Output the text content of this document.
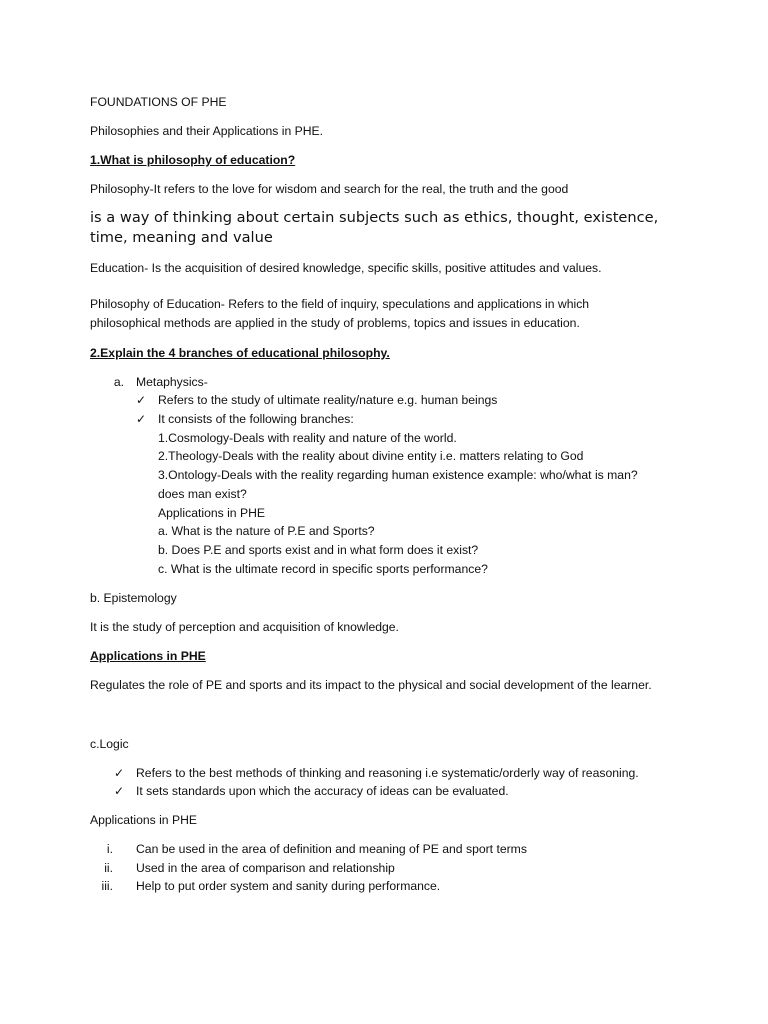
FOUNDATIONS OF PHE
Philosophies and their Applications in PHE.
1.What is philosophy of education?
Philosophy-It refers to the love for wisdom and search for the real, the truth and the good
is a way of thinking about certain subjects such as ethics, thought, existence,
time, meaning and value
Education- Is the acquisition of desired knowledge, specific skills, positive attitudes and values.
Philosophy of Education- Refers to the field of inquiry, speculations and applications in which
philosophical methods are applied in the study of problems, topics and issues in education.
2.Explain the 4 branches of educational philosophy.
a. Metaphysics-
✓ Refers to the study of ultimate reality/nature e.g. human beings
✓ It consists of the following branches:
1.Cosmology-Deals with reality and nature of the world.
2.Theology-Deals with the reality about divine entity i.e. matters relating to God
3.Ontology-Deals with the reality regarding human existence example: who/what is man?
does man exist?
Applications in PHE
a. What is the nature of P.E and Sports?
b. Does P.E and sports exist and in what form does it exist?
c. What is the ultimate record in specific sports performance?
b. Epistemology
It is the study of perception and acquisition of knowledge.
Applications in PHE
Regulates the role of PE and sports and its impact to the physical and social development of the learner.
c.Logic
✓ Refers to the best methods of thinking and reasoning i.e systematic/orderly way of reasoning.
✓ It sets standards upon which the accuracy of ideas can be evaluated.
Applications in PHE
i. Can be used in the area of definition and meaning of PE and sport terms
ii. Used in the area of comparison and relationship
iii. Help to put order system and sanity during performance.
